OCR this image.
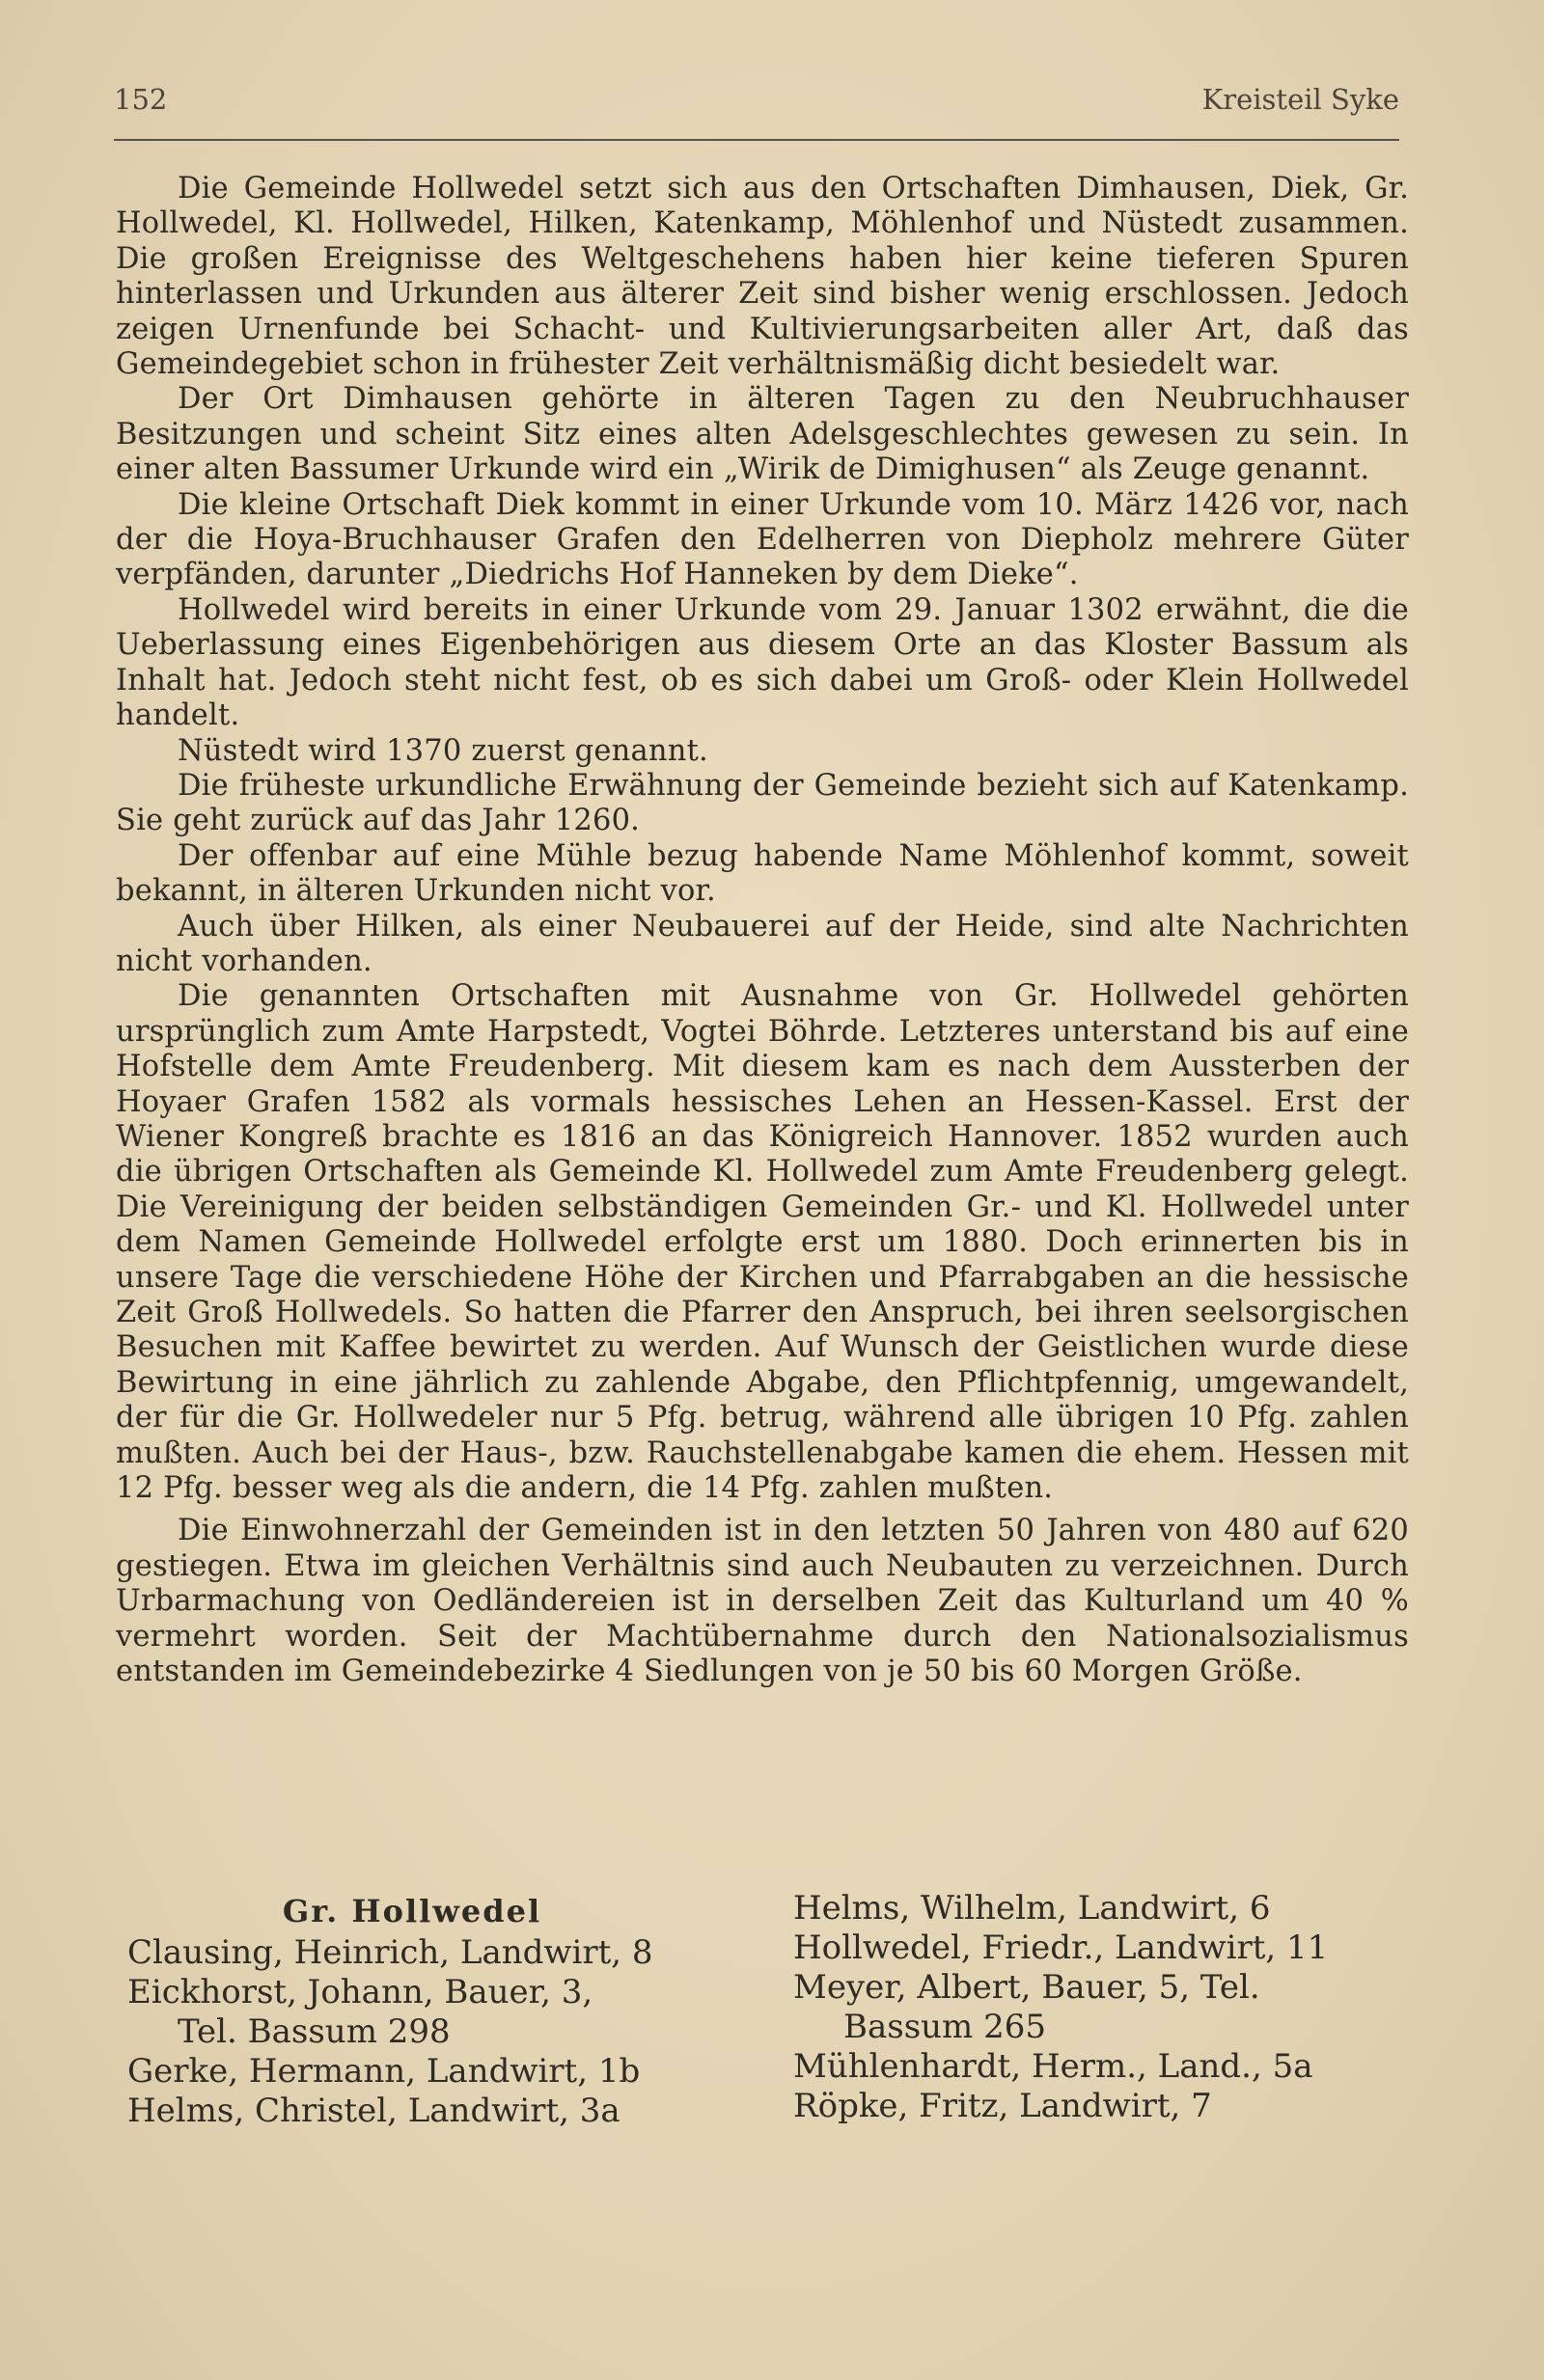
152	Kreisteil Syke

Die Gemeinde Hollwedel setzt sich aus den Ortschaften Dimhausen, Diek, Gr. Hollwedel, Kl. Hollwedel, Hilken, Katenkamp, Möhlenhof und Nüstedt zusammen. Die großen Ereignisse des Weltgeschehens haben hier keine tieferen Spuren hinterlassen und Urkunden aus älterer Zeit sind bisher wenig erschlossen. Jedoch zeigen Urnenfunde bei Schacht- und Kultivierungsarbeiten aller Art, daß das Gemeindegebiet schon in frühester Zeit verhältnismäßig dicht besiedelt war.

Der Ort Dimhausen gehörte in älteren Tagen zu den Neubruchhauser Besitzungen und scheint Sitz eines alten Adelsgeschlechtes gewesen zu sein. In einer alten Bassumer Urkunde wird ein „Wirik de Dimighusen“ als Zeuge genannt.

Die kleine Ortschaft Diek kommt in einer Urkunde vom 10. März 1426 vor, nach der die Hoya-Bruchhauser Grafen den Edelherren von Diepholz mehrere Güter verpfänden, darunter „Diedrichs Hof Hanneken by dem Dieke“.

Hollwedel wird bereits in einer Urkunde vom 29. Januar 1302 erwähnt, die die Ueberlassung eines Eigenbehörigen aus diesem Orte an das Kloster Bassum als Inhalt hat. Jedoch steht nicht fest, ob es sich dabei um Groß- oder Klein Hollwedel handelt.

Nüstedt wird 1370 zuerst genannt.

Die früheste urkundliche Erwähnung der Gemeinde bezieht sich auf Katenkamp. Sie geht zurück auf das Jahr 1260.

Der offenbar auf eine Mühle bezug habende Name Möhlenhof kommt, soweit bekannt, in älteren Urkunden nicht vor.

Auch über Hilken, als einer Neubauerei auf der Heide, sind alte Nachrichten nicht vorhanden.

Die genannten Ortschaften mit Ausnahme von Gr. Hollwedel gehörten ursprünglich zum Amte Harpstedt, Vogtei Böhrde. Letzteres unterstand bis auf eine Hofstelle dem Amte Freudenberg. Mit diesem kam es nach dem Aussterben der Hoyaer Grafen 1582 als vormals hessisches Lehen an Hessen-Kassel. Erst der Wiener Kongreß brachte es 1816 an das Königreich Hannover. 1852 wurden auch die übrigen Ortschaften als Gemeinde Kl. Hollwedel zum Amte Freudenberg gelegt. Die Vereinigung der beiden selbständigen Gemeinden Gr.- und Kl. Hollwedel unter dem Namen Gemeinde Hollwedel erfolgte erst um 1880. Doch erinnerten bis in unsere Tage die verschiedene Höhe der Kirchen und Pfarrabgaben an die hessische Zeit Groß Hollwedels. So hatten die Pfarrer den Anspruch, bei ihren seelsorgischen Besuchen mit Kaffee bewirtet zu werden. Auf Wunsch der Geistlichen wurde diese Bewirtung in eine jährlich zu zahlende Abgabe, den Pflichtpfennig, umgewandelt, der für die Gr. Hollwedeler nur 5 Pfg. betrug, während alle übrigen 10 Pfg. zahlen mußten. Auch bei der Haus-, bzw. Rauchstellenabgabe kamen die ehem. Hessen mit 12 Pfg. besser weg als die andern, die 14 Pfg. zahlen mußten.

Die Einwohnerzahl der Gemeinden ist in den letzten 50 Jahren von 480 auf 620 gestiegen. Etwa im gleichen Verhältnis sind auch Neubauten zu verzeichnen. Durch Urbarmachung von Oedländereien ist in derselben Zeit das Kulturland um 40 % vermehrt worden. Seit der Machtübernahme durch den Nationalsozialismus entstanden im Gemeindebezirke 4 Siedlungen von je 50 bis 60 Morgen Größe.

Gr. Hollwedel
Clausing, Heinrich, Landwirt, 8
Eickhorst, Johann, Bauer, 3,
Tel. Bassum 298
Gerke, Hermann, Landwirt, 1b
Helms, Christel, Landwirt, 3a
Helms, Wilhelm, Landwirt, 6
Hollwedel, Friedr., Landwirt, 11
Meyer, Albert, Bauer, 5, Tel.
Bassum 265
Mühlenhardt, Herm., Land., 5a
Röpke, Fritz, Landwirt, 7
